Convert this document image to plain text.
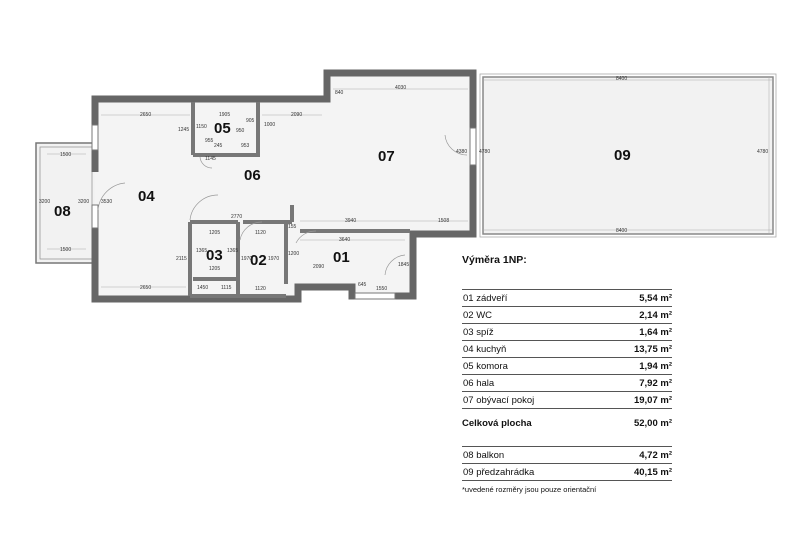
01
02
03
04
05
06
07
08
09
8400
8400
4780
4780
4030
840
4380
1508
3940
3640
2770
2650	1905	2090
905
1245 1150
950
1000
955
245	953
1145
1500
1500
3200	3200 3530
1205
1205
1120
1120
1365	1365
2115	1970	1970
1450	1115
1200
2090	1845
645
1550
2650
155
Výměra 1NP:
01 zádveří	5,54 m²
02 WC	2,14 m²
03 spíž	1,64 m²
04 kuchyň	13,75 m²
05 komora	1,94 m²
06 hala	7,92 m²
07 obývací pokoj	19,07 m²
Celková plocha	52,00 m²
08 balkon	4,72 m²
09 předzahrádka	40,15 m²
*uvedené rozměry jsou pouze orientační
